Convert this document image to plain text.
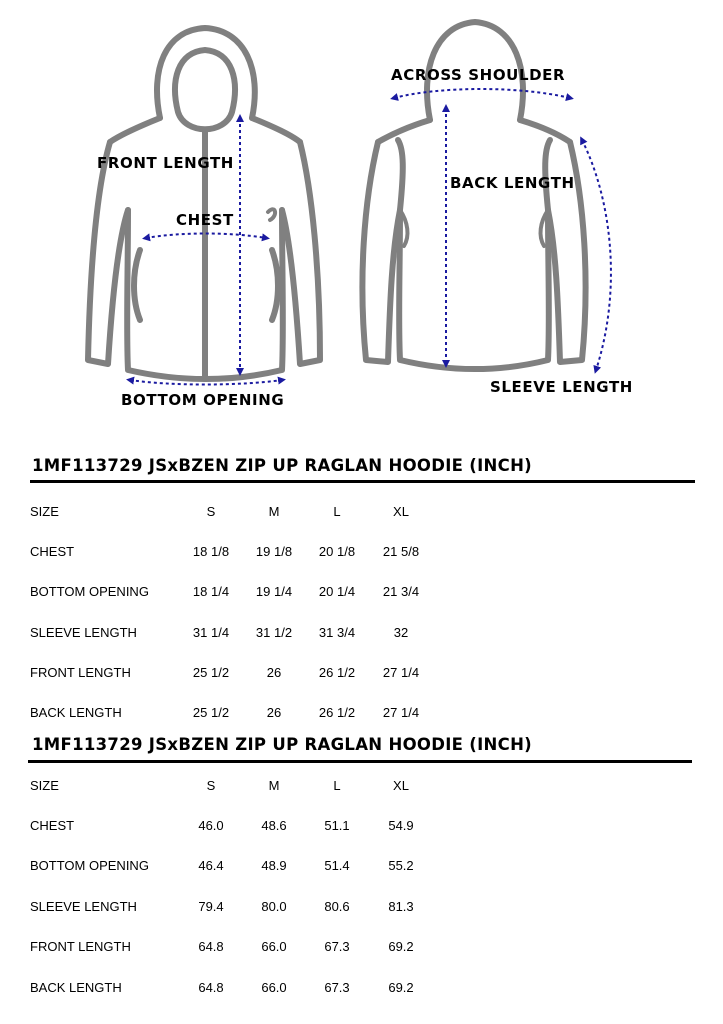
FRONT LENGTH
CHEST
BOTTOM OPENING
ACROSS SHOULDER
BACK LENGTH
SLEEVE LENGTH
1MF113729 JSxBZEN ZIP UP RAGLAN HOODIE (INCH)
SIZE	S	M	L	XL
CHEST	18 1/8	19 1/8	20 1/8	21 5/8
BOTTOM OPENING	18 1/4	19 1/4	20 1/4	21 3/4
SLEEVE LENGTH	31 1/4	31 1/2	31 3/4	32
FRONT LENGTH	25 1/2	26	26 1/2	27 1/4
BACK LENGTH	25 1/2	26	26 1/2	27 1/4
1MF113729 JSxBZEN ZIP UP RAGLAN HOODIE (INCH)
SIZE	S	M	L	XL
CHEST	46.0	48.6	51.1	54.9
BOTTOM OPENING	46.4	48.9	51.4	55.2
SLEEVE LENGTH	79.4	80.0	80.6	81.3
FRONT LENGTH	64.8	66.0	67.3	69.2
BACK LENGTH	64.8	66.0	67.3	69.2
